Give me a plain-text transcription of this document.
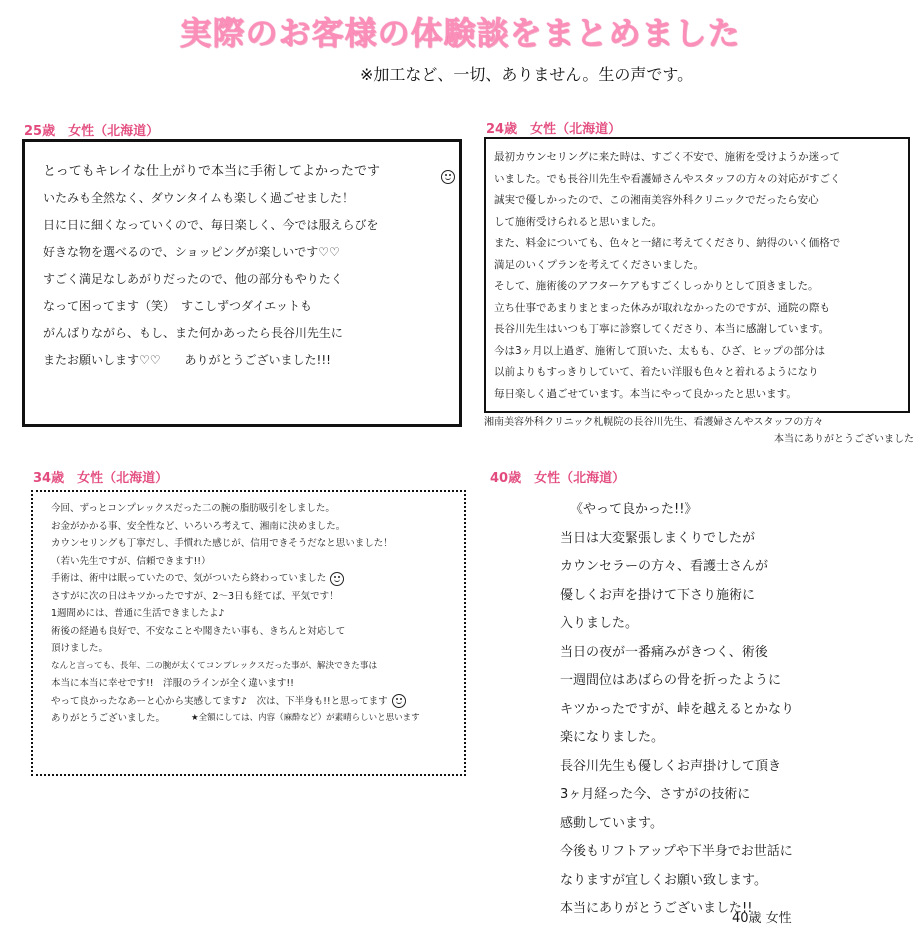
実際のお客様の体験談をまとめました
※加工など、一切、ありません。生の声です。
25歳　女性（北海道）

とってもキレイな仕上がりで本当に手術してよかったです

いたみも全然なく、ダウンタイムも楽しく過ごせました！

日に日に細くなっていくので、毎日楽しく、今では服えらびを

好きな物を選べるので、ショッピングが楽しいです♡♡

すごく満足なしあがりだったので、他の部分もやりたく

なって困ってます（笑）　すこしずつダイエットも

がんばりながら、もし、また何かあったら長谷川先生に

またお願いします♡♡　　ありがとうございました!!!

24歳　女性（北海道）

最初カウンセリングに来た時は、すごく不安で、施術を受けようか迷って

いました。でも長谷川先生や看護婦さんやスタッフの方々の対応がすごく

誠実で優しかったので、この湘南美容外科クリニックでだったら安心

して施術受けられると思いました。

また、料金についても、色々と一緒に考えてくださり、納得のいく価格で

満足のいくプランを考えてくださいました。

そして、施術後のアフターケアもすごくしっかりとして頂きました。

立ち仕事であまりまとまった休みが取れなかったのですが、通院の際も

長谷川先生はいつも丁寧に診察してくださり、本当に感謝しています。

今は3ヶ月以上過ぎ、施術して頂いた、太もも、ひざ、ヒップの部分は

以前よりもすっきりしていて、着たい洋服も色々と着れるようになり

毎日楽しく過ごせています。本当にやって良かったと思います。

湘南美容外科クリニック札幌院の長谷川先生、看護婦さんやスタッフの方々

本当にありがとうございました

34歳　女性（北海道）

今回、ずっとコンプレックスだった二の腕の脂肪吸引をしました。

お金がかかる事、安全性など、いろいろ考えて、湘南に決めました。

カウンセリングも丁寧だし、手慣れた感じが、信用できそうだなと思いました！

（若い先生ですが、信頼できます!!）

手術は、術中は眠っていたので、気がついたら終わっていました

さすがに次の日はキツかったですが、2〜3日も経てば、平気です！

1週間めには、普通に生活できましたよ♪

術後の経過も良好で、不安なことや聞きたい事も、きちんと対応して

頂けました。

なんと言っても、長年、二の腕が太くてコンプレックスだった事が、解決できた事は

本当に本当に幸せです!!　洋服のラインが全く違います!!

やって良かったなあーと心から実感してます♪　次は、下半身も!!と思ってます

ありがとうございました。	★全額にしては、内容（麻酔など）が素晴らしいと思います

40歳　女性（北海道）

《やって良かった!!》

当日は大変緊張しまくりでしたが

カウンセラーの方々、看護士さんが

優しくお声を掛けて下さり施術に

入りました。

当日の夜が一番痛みがきつく、術後

一週間位はあばらの骨を折ったように

キツかったですが、峠を越えるとかなり

楽になりました。

長谷川先生も優しくお声掛けして頂き

3ヶ月経った今、さすがの技術に

感動しています。

今後もリフトアップや下半身でお世話に

なりますが宜しくお願い致します。

本当にありがとうございました!!

40歳 女性
